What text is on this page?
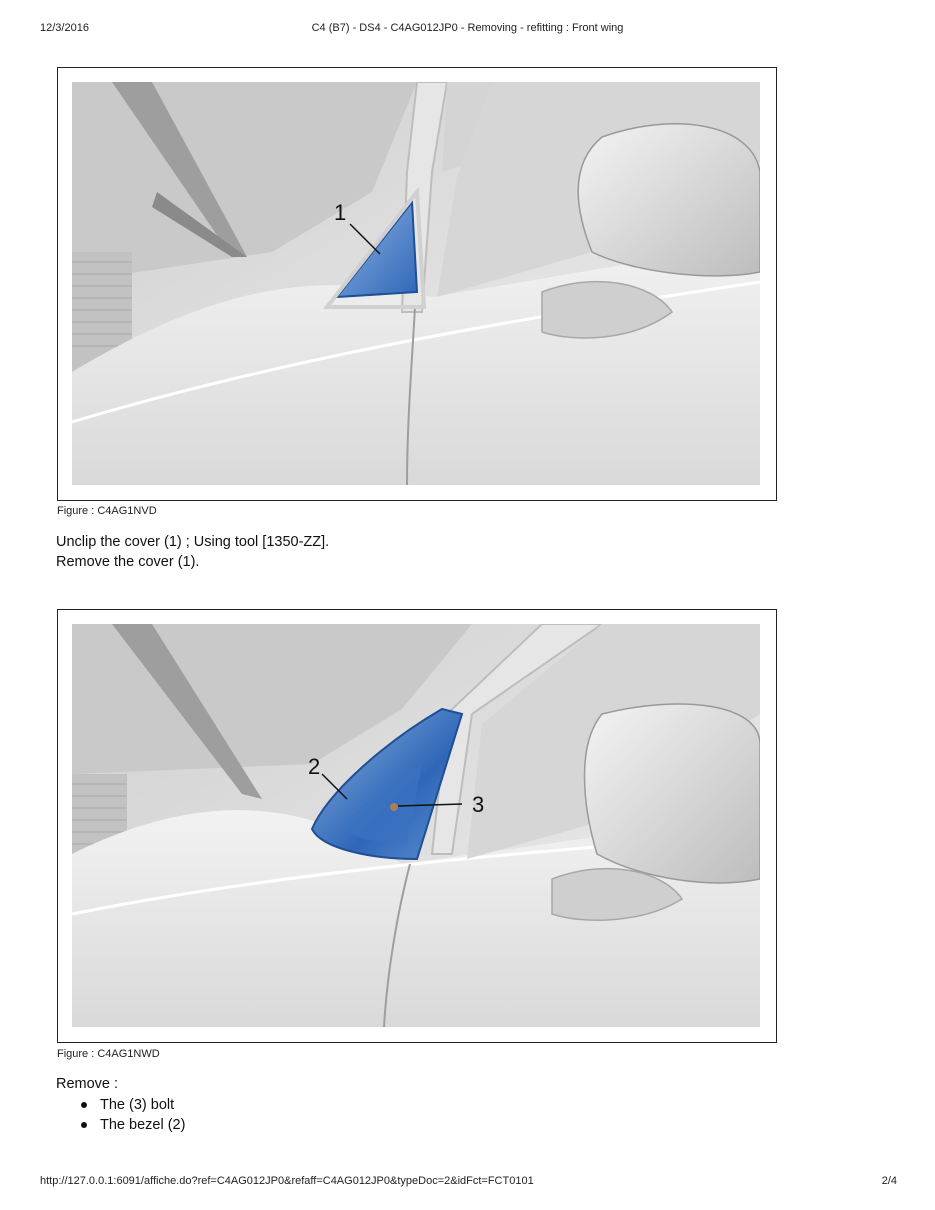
12/3/2016	C4 (B7) - DS4 - C4AG012JP0 - Removing - refitting : Front wing
1
Figure : C4AG1NVD
Unclip the cover (1) ; Using tool [1350-ZZ].
Remove the cover (1).
2
3
Figure : C4AG1NWD
Remove :
The (3) bolt
The bezel (2)
http://127.0.0.1:6091/affiche.do?ref=C4AG012JP0&refaff=C4AG012JP0&typeDoc=2&idFct=FCT0101	2/4
